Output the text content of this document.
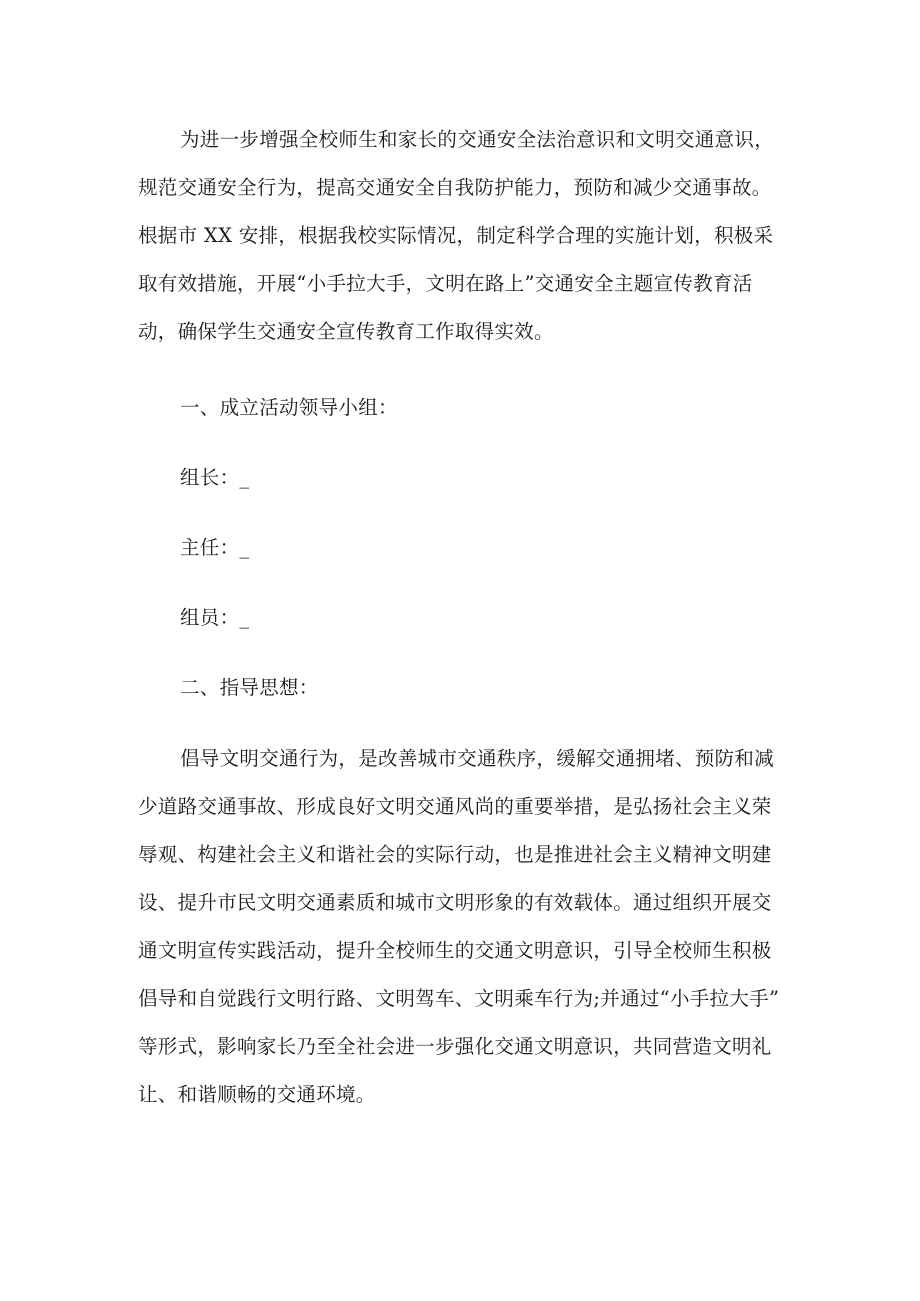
为进一步增强全校师生和家长的交通安全法治意识和文明交通意识，
规范交通安全行为，提高交通安全自我防护能力，预防和减少交通事故。
根据市 XX 安排，根据我校实际情况，制定科学合理的实施计划，积极采
取有效措施，开展“小手拉大手，文明在路上”交通安全主题宣传教育活
动，确保学生交通安全宣传教育工作取得实效。
一、成立活动领导小组：
组长：_
主任：_
组员：_
二、指导思想：
倡导文明交通行为，是改善城市交通秩序，缓解交通拥堵、预防和减
少道路交通事故、形成良好文明交通风尚的重要举措，是弘扬社会主义荣
辱观、构建社会主义和谐社会的实际行动，也是推进社会主义精神文明建
设、提升市民文明交通素质和城市文明形象的有效载体。通过组织开展交
通文明宣传实践活动，提升全校师生的交通文明意识，引导全校师生积极
倡导和自觉践行文明行路、文明驾车、文明乘车行为;并通过“小手拉大手”
等形式，影响家长乃至全社会进一步强化交通文明意识，共同营造文明礼
让、和谐顺畅的交通环境。
